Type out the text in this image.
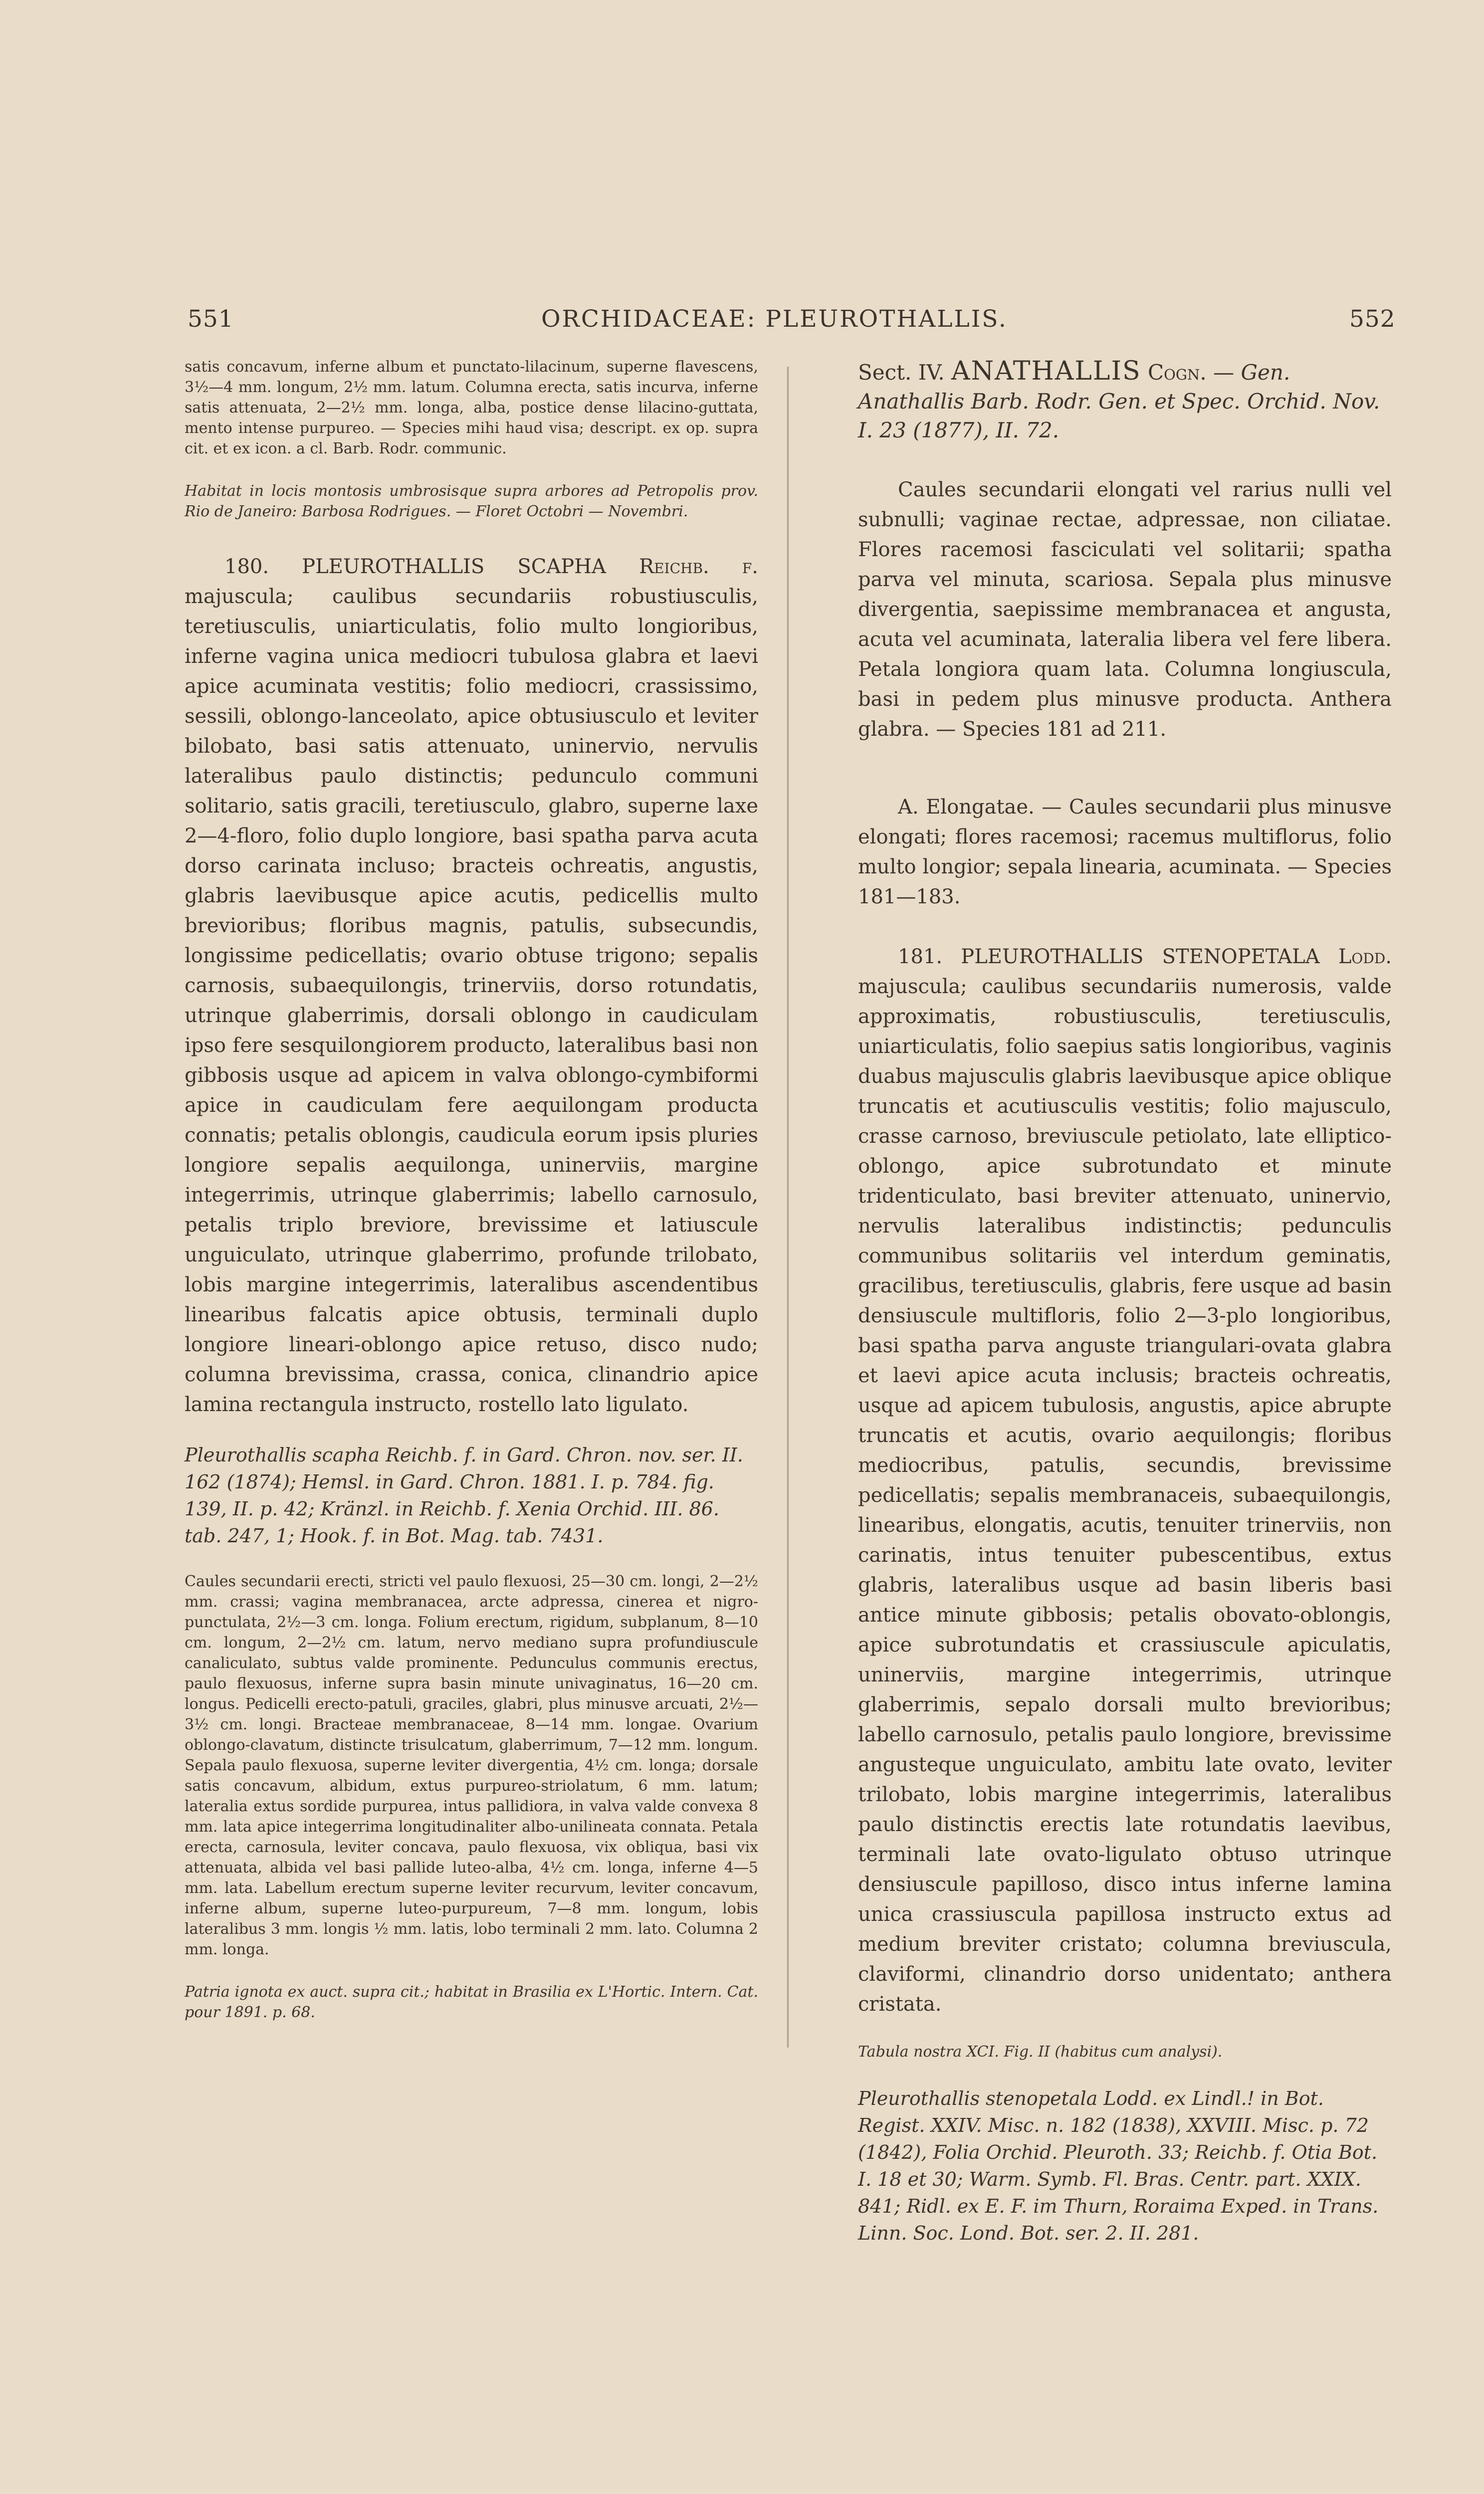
551	ORCHIDACEAE: PLEUROTHALLIS.	552

satis concavum, inferne album et punctato-lilacinum, superne flavescens, 3½—4 mm. longum, 2½ mm. latum. Columna erecta, satis incurva, inferne satis attenuata, 2—2½ mm. longa, alba, postice dense lilacino-guttata, mento intense purpureo. — Species mihi haud visa; descript. ex op. supra cit. et ex icon. a cl. Barb. Rodr. communic.

Habitat in locis montosis umbrosisque supra arbores ad Petropolis prov. Rio de Janeiro: Barbosa Rodrigues. — Floret Octobri — Novembri.

180. PLEUROTHALLIS SCAPHA Reichb. f. majuscula; caulibus secundariis robustiusculis, teretiusculis, uniarticulatis, folio multo longioribus, inferne vagina unica mediocri tubulosa glabra et laevi apice acuminata vestitis; folio mediocri, crassissimo, sessili, oblongo-lanceolato, apice obtusiusculo et leviter bilobato, basi satis attenuato, uninervio, nervulis lateralibus paulo distinctis; pedunculo communi solitario, satis gracili, teretiusculo, glabro, superne laxe 2—4-floro, folio duplo longiore, basi spatha parva acuta dorso carinata inclusо; bracteis ochreatis, angustis, glabris laevibusque apice acutis, pedicellis multo brevioribus; floribus magnis, patulis, subsecundis, longissime pedicellatis; ovario obtuse trigono; sepalis carnosis, subaequilongis, trinerviis, dorso rotundatis, utrinque glaberrimis, dorsali oblongo in caudiculam ipso fere sesquilongiorem producto, lateralibus basi non gibbosis usque ad apicem in valva oblongo-cymbiformi apice in caudiculam fere aequilongam producta connatis; petalis oblongis, caudicula eorum ipsis pluries longiore sepalis aequilonga, uninerviis, margine integerrimis, utrinque glaberrimis; labello carnosulo, petalis triplo breviore, brevissime et latiuscule unguiculato, utrinque glaberrimo, profunde trilobato, lobis margine integerrimis, lateralibus ascendentibus linearibus falcatis apice obtusis, terminali duplo longiore lineari-oblongo apice retuso, disco nudo; columna brevissima, crassa, conica, clinandrio apice lamina rectangula instructo, rostello lato ligulato.

Pleurothallis scapha Reichb. f. in Gard. Chron. nov. ser. II. 162 (1874); Hemsl. in Gard. Chron. 1881. I. p. 784. fig. 139, II. p. 42; Kränzl. in Reichb. f. Xenia Orchid. III. 86. tab. 247, 1; Hook. f. in Bot. Mag. tab. 7431.

Caules secundarii erecti, stricti vel paulo flexuosi, 25—30 cm. longi, 2—2½ mm. crassi; vagina membranacea, arcte adpressa, cinerea et nigro-punctulata, 2½—3 cm. longa. Folium erectum, rigidum, subplanum, 8—10 cm. longum, 2—2½ cm. latum, nervo mediano supra profundiuscule canaliculato, subtus valde prominente. Pedunculus communis erectus, paulo flexuosus, inferne supra basin minute univaginatus, 16—20 cm. longus. Pedicelli erecto-patuli, graciles, glabri, plus minusve arcuati, 2½—3½ cm. longi. Bracteae membranaceae, 8—14 mm. longae. Ovarium oblongo-clavatum, distincte trisulcatum, glaberrimum, 7—12 mm. longum. Sepala paulo flexuosa, superne leviter divergentia, 4½ cm. longa; dorsale satis concavum, albidum, extus purpureo-striolatum, 6 mm. latum; lateralia extus sordide purpurea, intus pallidiora, in valva valde convexa 8 mm. lata apice integerrima longitudinaliter albo-unilineata connata. Petala erecta, carnosula, leviter concava, paulo flexuosa, vix obliqua, basi vix attenuata, albida vel basi pallide luteo-alba, 4½ cm. longa, inferne 4—5 mm. lata. Labellum erectum superne leviter recurvum, leviter concavum, inferne album, superne luteo-purpureum, 7—8 mm. longum, lobis lateralibus 3 mm. longis ½ mm. latis, lobo terminali 2 mm. lato. Columna 2 mm. longa.

Patria ignota ex auct. supra cit.; habitat in Brasilia ex L'Hortic. Intern. Cat. pour 1891. p. 68.

Sect. IV. ANATHALLIS Cogn. — Gen. Anathallis Barb. Rodr. Gen. et Spec. Orchid. Nov. I. 23 (1877), II. 72.

Caules secundarii elongati vel rarius nulli vel subnulli; vaginae rectae, adpressae, non ciliatae. Flores racemosi fasciculati vel solitarii; spatha parva vel minuta, scariosa. Sepala plus minusve divergentia, saepissime membranacea et angusta, acuta vel acuminata, lateralia libera vel fere libera. Petala longiora quam lata. Columna longiuscula, basi in pedem plus minusve producta. Anthera glabra. — Species 181 ad 211.

A. Elongatae. — Caules secundarii plus minusve elongati; flores racemosi; racemus multiflorus, folio multo longior; sepala linearia, acuminata. — Species 181—183.

181. PLEUROTHALLIS STENOPETALA Lodd. majuscula; caulibus secundariis numerosis, valde approximatis, robustiusculis, teretiusculis, uniarticulatis, folio saepius satis longioribus, vaginis duabus majusculis glabris laevibusque apice oblique truncatis et acutiusculis vestitis; folio majusculo, crasse carnoso, breviuscule petiolato, late elliptico-oblongo, apice subrotundato et minute tridenticulato, basi breviter attenuato, uninervio, nervulis lateralibus indistinctis; pedunculis communibus solitariis vel interdum geminatis, gracilibus, teretiusculis, glabris, fere usque ad basin densiuscule multifloris, folio 2—3-plo longioribus, basi spatha parva anguste triangulari-ovata glabra et laevi apice acuta inclusis; bracteis ochreatis, usque ad apicem tubulosis, angustis, apice abrupte truncatis et acutis, ovario aequilongis; floribus mediocribus, patulis, secundis, brevissime pedicellatis; sepalis membranaceis, subaequilongis, linearibus, elongatis, acutis, tenuiter trinerviis, non carinatis, intus tenuiter pubescentibus, extus glabris, lateralibus usque ad basin liberis basi antice minute gibbosis; petalis obovato-oblongis, apice subrotundatis et crassiuscule apiculatis, uninerviis, margine integerrimis, utrinque glaberrimis, sepalo dorsali multo brevioribus; labello carnosulo, petalis paulo longiore, brevissime angusteque unguiculato, ambitu late ovato, leviter trilobato, lobis margine integerrimis, lateralibus paulo distinctis erectis late rotundatis laevibus, terminali late ovato-ligulato obtuso utrinque densiuscule papilloso, disco intus inferne lamina unica crassiuscula papillosa instructo extus ad medium breviter cristato; columna breviuscula, claviformi, clinandrio dorso unidentato; anthera cristata.

Tabula nostra XCI. Fig. II (habitus cum analysi).

Pleurothallis stenopetala Lodd. ex Lindl.! in Bot. Regist. XXIV. Misc. n. 182 (1838), XXVIII. Misc. p. 72 (1842), Folia Orchid. Pleuroth. 33; Reichb. f. Otia Bot. I. 18 et 30; Warm. Symb. Fl. Bras. Centr. part. XXIX. 841; Ridl. ex E. F. im Thurn, Roraima Exped. in Trans. Linn. Soc. Lond. Bot. ser. 2. II. 281.
